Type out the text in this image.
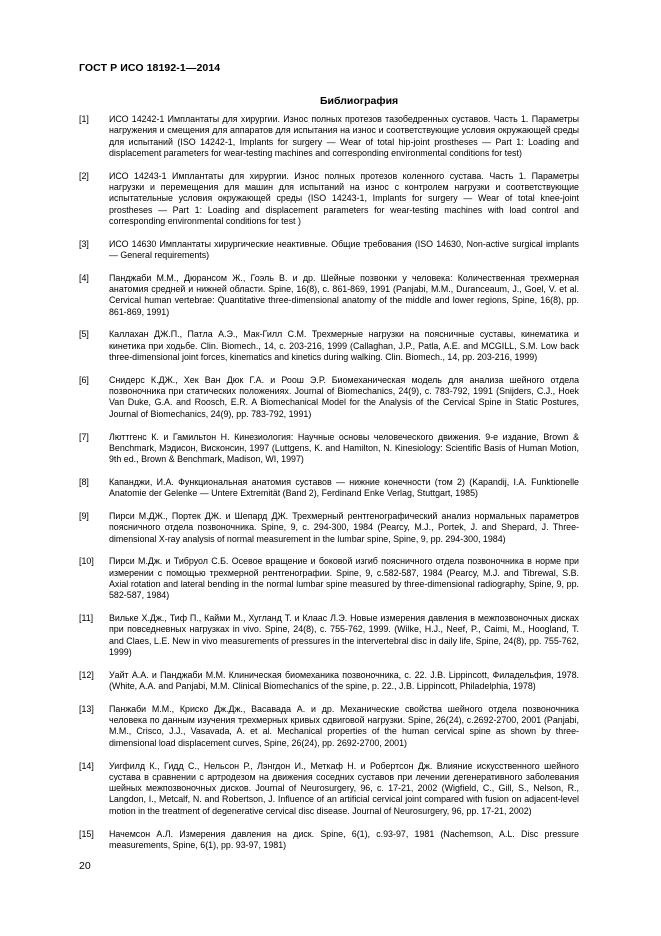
ГОСТ Р ИСО 18192-1—2014
Библиография
[1]	ИСО 14242-1 Имплантаты для хирургии. Износ полных протезов тазобедренных суставов. Часть 1. Параметры нагружения и смещения для аппаратов для испытания на износ и соответствующие условия окружающей среды для испытаний (ISO 14242-1, Implants for surgery — Wear of total hip-joint prostheses — Part 1: Loading and displacement parameters for wear-testing machines and corresponding environmental conditions for test)
[2]	ИСО 14243-1 Имплантаты для хирургии. Износ полных протезов коленного сустава. Часть 1. Параметры нагрузки и перемещения для машин для испытаний на износ с контролем нагрузки и соответствующие испытательные условия окружающей среды (ISO 14243-1, Implants for surgery — Wear of total knee-joint prostheses — Part 1: Loading and displacement parameters for wear-testing machines with load control and corresponding environmental conditions for test )
[3]	ИСО 14630 Имплантаты хирургические неактивные. Общие требования (ISO 14630, Non-active surgical implants — General requirements)
[4]	Панджаби М.М., Дюрансом Ж., Гоэль В. и др. Шейные позвонки у человека: Количественная трехмерная анатомия средней и нижней области. Spine, 16(8), с. 861-869, 1991 (Panjabi, M.M., Duranceaum, J., Goel, V. et al. Cervical human vertebrae: Quantitative three-dimensional anatomy of the middle and lower regions, Spine, 16(8), pp. 861-869, 1991)
[5]	Каллахан ДЖ.П., Патла А.Э., Мак-Гилл С.М. Трехмерные нагрузки на поясничные суставы, кинематика и кинетика при ходьбе. Clin. Biomech., 14, с. 203-216, 1999 (Callaghan, J.P., Patla, A.E. and MCGILL, S.M. Low back three-dimensional joint forces, kinematics and kinetics during walking. Clin. Biomech., 14, pp. 203-216, 1999)
[6]	Снидерс К.ДЖ., Хек Ван Дюк Г.А. и Роош Э.Р. Биомеханическая модель для анализа шейного отдела позвоночника при статических положениях. Journal of Biomechanics, 24(9), с. 783-792, 1991 (Snijders, C.J., Hoek Van Duke, G.A. and Roosch, E.R. A Biomechanical Model for the Analysis of the Cervical Spine in Static Postures, Journal of Biomechanics, 24(9), pp. 783-792, 1991)
[7]	Люттгенс К. и Гамильтон Н. Кинезиология: Научные основы человеческого движения. 9-е издание, Brown & Benchmark, Мэдисон, Висконсин, 1997 (Luttgens, K. and Hamilton, N. Kinesiology: Scientific Basis of Human Motion, 9th ed., Brown & Benchmark, Madison, WI, 1997)
[8]	Капанджи, И.А. Функциональная анатомия суставов — нижние конечности (том 2) (Kapandij, I.A. Funktionelle Anatomie der Gelenke — Untere Extremität (Band 2), Ferdinand Enke Verlag, Stuttgart, 1985)
[9]	Пирси М.ДЖ., Портек ДЖ. и Шепард ДЖ. Трехмерный рентгенографический анализ нормальных параметров поясничного отдела позвоночника. Spine, 9, с. 294-300, 1984 (Pearcy, M.J., Portek, J. and Shepard, J. Three-dimensional X-ray analysis of normal measurement in the lumbar spine, Spine, 9, pp. 294-300, 1984)
[10]	Пирси М.Дж. и Тибруол С.Б. Осевое вращение и боковой изгиб поясничного отдела позвоночника в норме при измерении с помощью трехмерной рентгенографии. Spine, 9, с.582-587, 1984 (Pearcy, M.J. and Tibrewal, S.B. Axial rotation and lateral bending in the normal lumbar spine measured by three-dimensional radiography, Spine, 9, pp. 582-587, 1984)
[11]	Вильке Х.Дж., Тиф П., Кайми М., Хугланд Т. и Клаас Л.Э. Новые измерения давления в межпозвоночных дисках при повседневных нагрузках in vivo. Spine, 24(8), с. 755-762, 1999. (Wilke, H.J., Neef, P., Caimi, M., Hoogland, T. and Claes, L.E. New in vivo measurements of pressures in the intervertebral disc in daily life, Spine, 24(8), pp. 755-762, 1999)
[12]	Уайт А.А. и Панджаби М.М. Клиническая биомеханика позвоночника, с. 22. J.B. Lippincott, Филадельфия, 1978. (White, A.A. and Panjabi, M.M. Clinical Biomechanics of the spine, p. 22., J.B. Lippincott, Philadelphia, 1978)
[13]	Панжаби М.М., Криско Дж.Дж., Васавада А. и др. Механические свойства шейного отдела позвоночника человека по данным изучения трехмерных кривых сдвиговой нагрузки. Spine, 26(24), с.2692-2700, 2001 (Panjabi, M.M., Crisco, J.J., Vasavada, A. et al. Mechanical properties of the human cervical spine as shown by three-dimensional load displacement curves, Spine, 26(24), pp. 2692-2700, 2001)
[14]	Уигфилд К., Гидд С., Нельсон Р., Лэнгдон И., Меткаф Н. и Робертсон Дж. Влияние искусственного шейного сустава в сравнении с артродезом на движения соседних суставов при лечении дегенеративного заболевания шейных межпозвоночных дисков. Journal of Neurosurgery, 96, с. 17-21, 2002 (Wigfield, C., Gill, S., Nelson, R., Langdon, I., Metcalf, N. and Robertson, J. Influence of an artificial cervical joint compared with fusion on adjacent-level motion in the treatment of degenerative cervical disc disease. Journal of Neurosurgery, 96, pp. 17-21, 2002)
[15]	Начемсон А.Л. Измерения давления на диск. Spine, 6(1), с.93-97, 1981 (Nachemson, A.L. Disc pressure measurements, Spine, 6(1), pp. 93-97, 1981)
20
